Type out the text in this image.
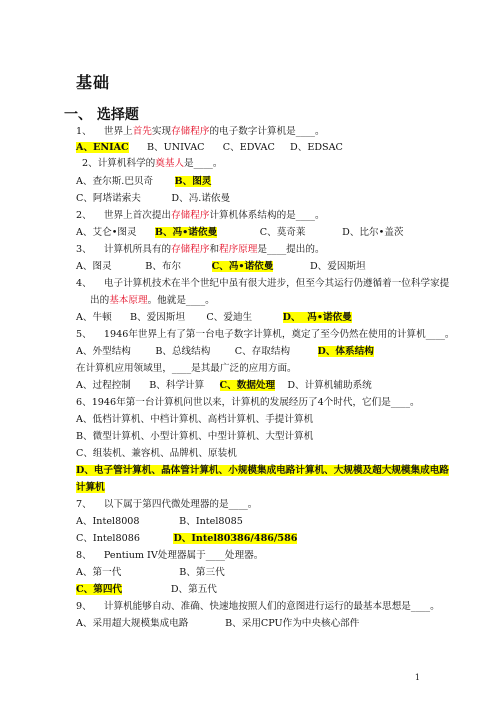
基础
一、 选择题
1、 世界上首先实现存储程序的电子数字计算机是____。
A、ENIAC B、UNIVAC C、EDVAC D、EDSAC
2、计算机科学的奠基人是____。
A、查尔斯.巴贝奇 B、图灵
C、阿塔诺索夫	D、冯.诺依曼
2、 世界上首次提出存储程序计算机体系结构的是____。
A、艾仑•图灵 B、冯•诺依曼	C、莫奇莱	D、比尔•盖茨
3、 计算机所具有的存储程序和程序原理是____提出的。
A、图灵	B、布尔	C、冯•诺依曼	D、爱因斯坦
4、 电子计算机技术在半个世纪中虽有很大进步，但至今其运行仍遵循着一位科学家提
出的基本原理。他就是____。
A、牛顿 B、爱因斯坦 C、爱迪生	D、  冯•诺依曼
5、 1946年世界上有了第一台电子数字计算机，奠定了至今仍然在使用的计算机____。
A、外型结构	B、总线结构	C、存取结构	D、体系结构
在计算机应用领域里，____是其最广泛的应用方面。
A、过程控制 B、科学计算 C、数据处理 D、计算机辅助系统
6、1946年第一台计算机问世以来，计算机的发展经历了4个时代，它们是____。
A、低档计算机、中档计算机、高档计算机、手提计算机
B、微型计算机、小型计算机、中型计算机、大型计算机
C、组装机、兼容机、品牌机、原装机
D、电子管计算机、晶体管计算机、小规模集成电路计算机、大规模及超大规模集成电路
计算机
7、 以下属于第四代微处理器的是____。
A、Intel8008	B、Intel8085
C、Intel8086	D、Intel80386/486/586
8、 Pentium IV处理器属于____处理器。
A、第一代	B、第三代
C、第四代	D、第五代
9、 计算机能够自动、准确、快速地按照人们的意图进行运行的最基本思想是____。
A、采用超大规模集成电路	B、采用CPU作为中央核心部件
1
